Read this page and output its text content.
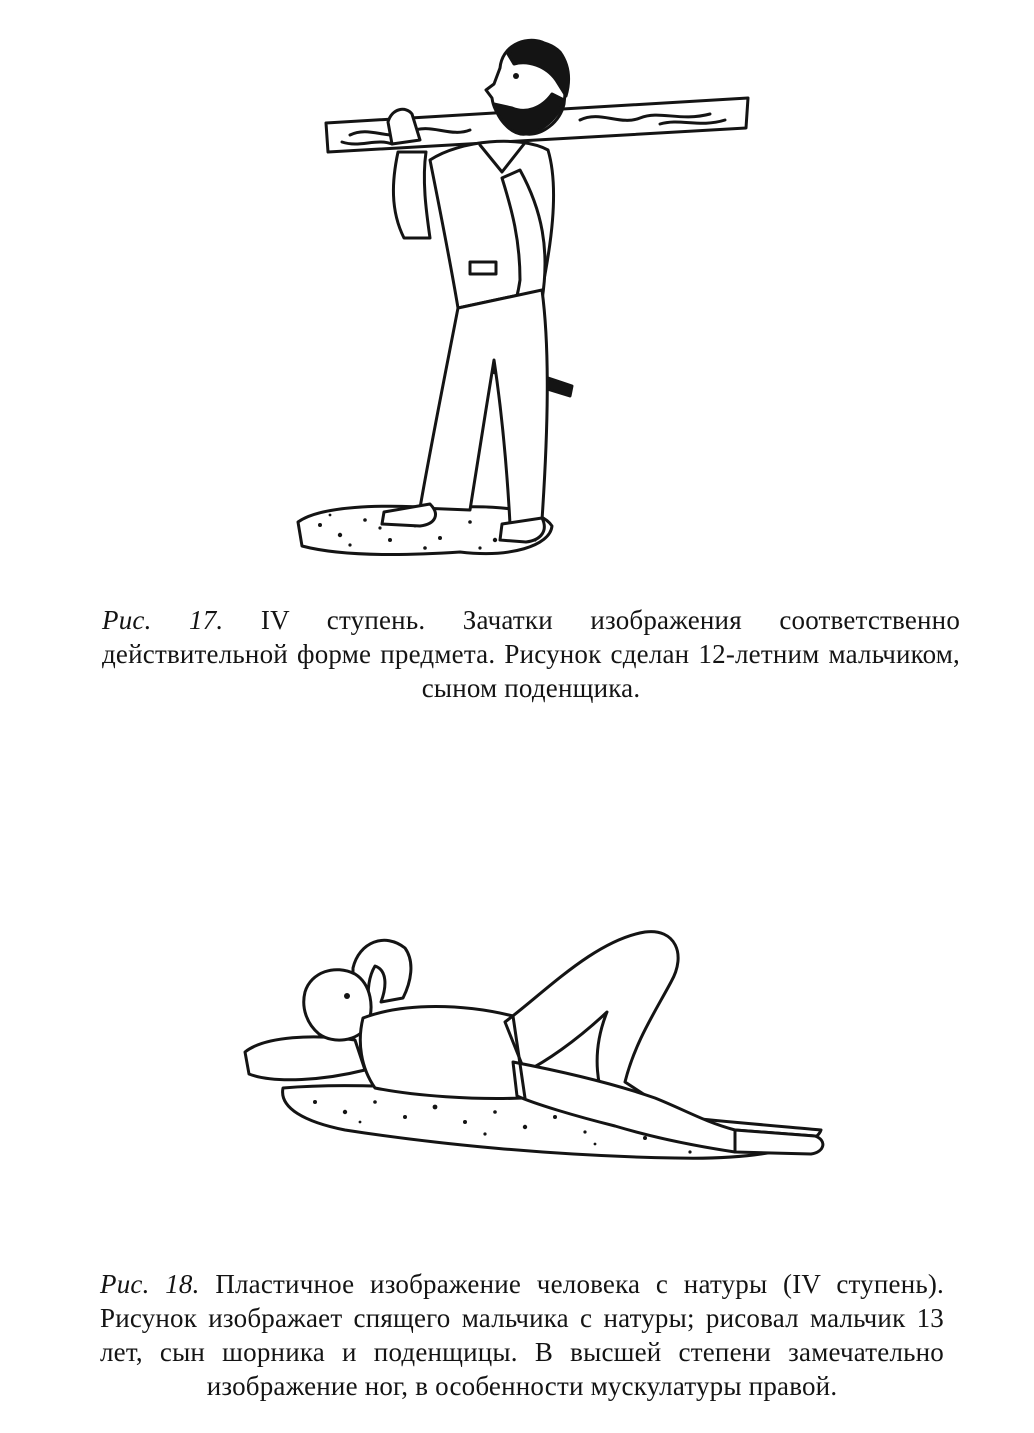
Рис. 17. IV ступень. Зачатки изображения соответственно действительной форме предмета. Рисунок сделан 12-летним мальчиком, сыном поденщика.
Рис. 18. Пластичное изображение человека с натуры (IV ступень). Рисунок изображает спящего мальчика с натуры; рисовал мальчик 13 лет, сын шорника и поденщицы. В высшей степени замечательно изображение ног, в особенности мускулатуры правой.
